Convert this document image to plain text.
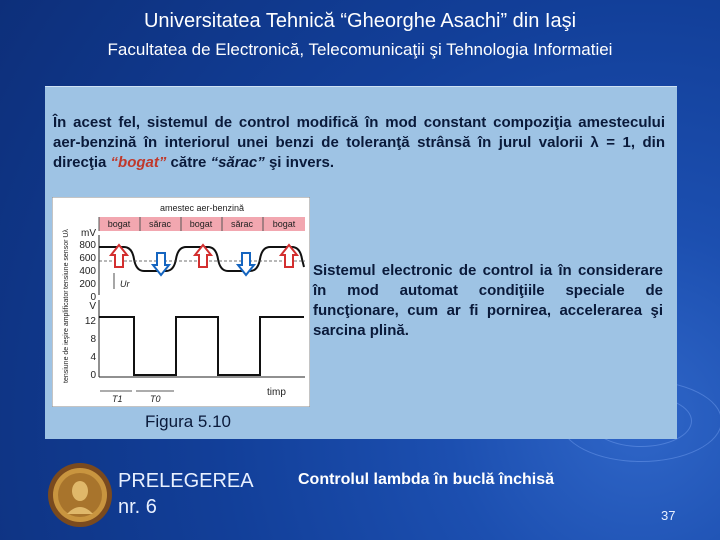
Universitatea Tehnică “Gheorghe Asachi” din Iaşi
Facultatea de Electronică, Telecomunicaţii şi Tehnologia Informatiei
În acest fel, sistemul de control modifică în mod constant compoziţia amestecului aer-benzină în interiorul unei benzi de toleranţă strânsă în jurul valorii λ = 1, din direcţia “bogat” către “sărac” şi invers.
amestec aer-benzină
bogat sărac bogat sărac bogat
mV
800
600
400
200
0
tensiune sensor Uλ	Ur
V
12
8
4
0
tensiune de ieşire amplificator
timp
T1	T0
Sistemul electronic de control ia în considerare în mod automat condiţiile speciale de funcţionare, cum ar fi pornirea, accelerarea şi sarcina plină.
Figura 5.10
PRELEGEREA
nr. 6
Controlul lambda în buclă închisă
37
